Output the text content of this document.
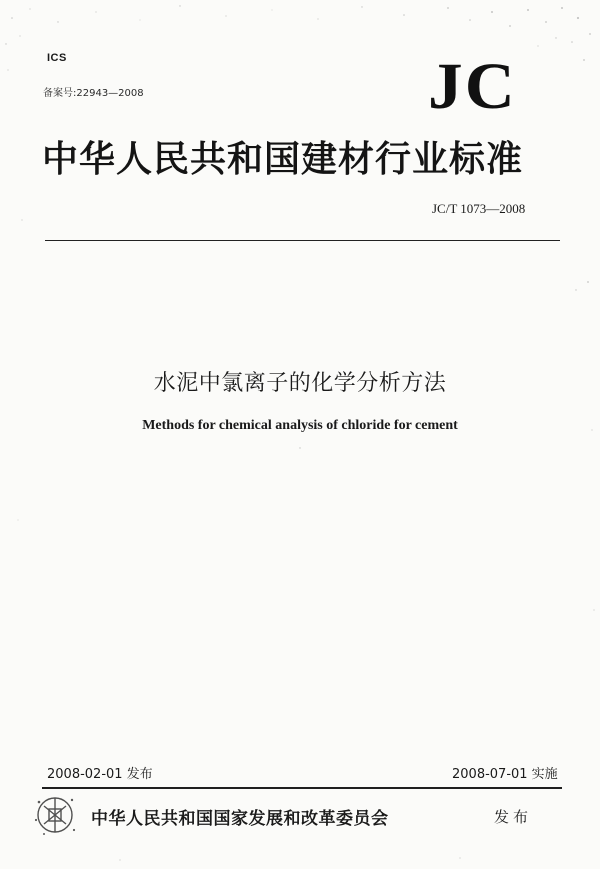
ICS
备案号:22943—2008	JC
中华人民共和国建材行业标准
JC/T 1073—2008
水泥中氯离子的化学分析方法
Methods for chemical analysis of chloride for cement
2008-02-01 发布	2008-07-01 实施
中华人民共和国国家发展和改革委员会	发布
